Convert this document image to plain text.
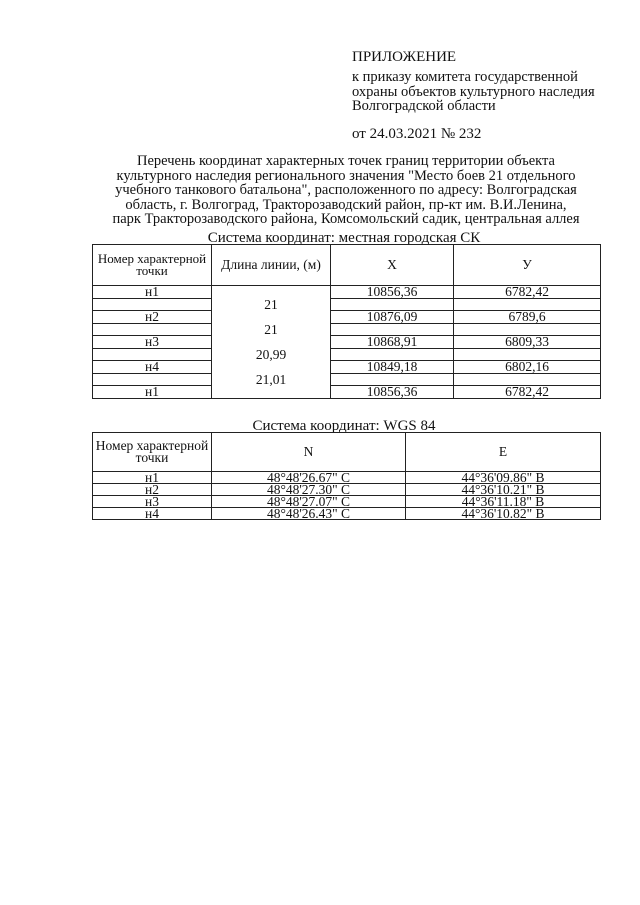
ПРИЛОЖЕНИЕ
к приказу комитета государственной
охраны объектов культурного наследия
Волгоградской области
от 24.03.2021 № 232
Перечень координат характерных точек границ территории объекта
культурного наследия регионального значения "Место боев 21 отдельного
учебного танкового батальона", расположенного по адресу: Волгоградская
область, г. Волгоград, Тракторозаводский район, пр-кт им. В.И.Ленина,
парк Тракторозаводского района, Комсомольский садик, центральная аллея
Система координат: местная городская СК
Номер характерной точки	Длина линии, (м)	X	У
н1		10856,36	6782,42
	21		
н2		10876,09	6789,6
	21		
н3		10868,91	6809,33
	20,99		
н4		10849,18	6802,16
	21,01		
н1		10856,36	6782,42
Система координат: WGS 84
Номер характерной точки	N	E
н1	48°48'26.67" С	44°36'09.86" В
н2	48°48'27.30" С	44°36'10.21" В
н3	48°48'27.07" С	44°36'11.18" В
н4	48°48'26.43" С	44°36'10.82" В
